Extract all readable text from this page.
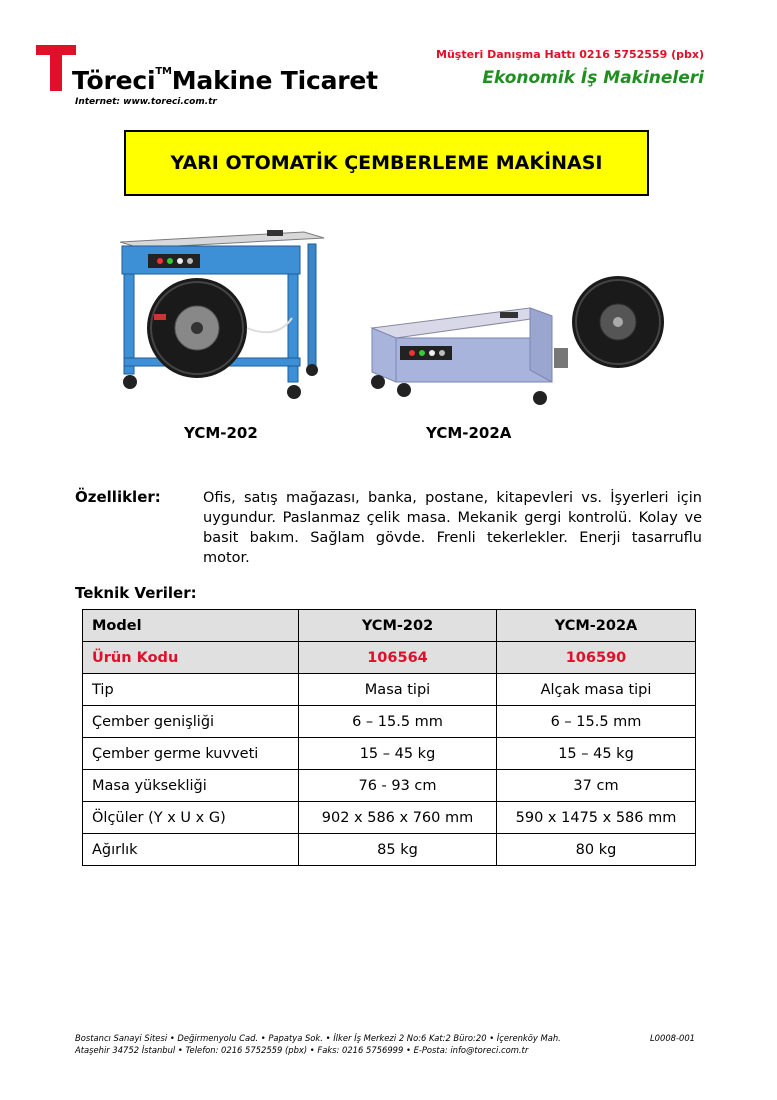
Töreci™Makine Ticaret
Internet: www.toreci.com.tr
Müşteri Danışma Hattı 0216 5752559 (pbx)
Ekonomik İş Makineleri
YARI OTOMATİK ÇEMBERLEME MAKİNASI
YCM-202	YCM-202A
Özellikler:	Ofis, satış mağazası, banka, postane, kitapevleri vs. İşyerleri için uygundur. Paslanmaz çelik masa. Mekanik gergi kontrolü. Kolay ve basit bakım. Sağlam gövde. Frenli tekerlekler. Enerji tasarruflu motor.
Teknik Veriler:
Model	YCM-202	YCM-202A
Ürün Kodu	106564	106590
Tip	Masa tipi	Alçak masa tipi
Çember genişliği	6 – 15.5 mm	6 – 15.5 mm
Çember germe kuvveti	15 – 45 kg	15 – 45 kg
Masa yüksekliği	76 - 93 cm	37 cm
Ölçüler (Y x U x G)	902 x 586 x 760 mm	590 x 1475 x 586 mm
Ağırlık	85 kg	80 kg
Bostancı Sanayi Sitesi • Değirmenyolu Cad. • Papatya Sok. • İlker İş Merkezi 2 No:6 Kat:2 Büro:20 • İçerenköy Mah.
Ataşehir 34752 İstanbul • Telefon: 0216 5752559 (pbx) • Faks: 0216 5756999 • E-Posta: info@toreci.com.tr
L0008-001
